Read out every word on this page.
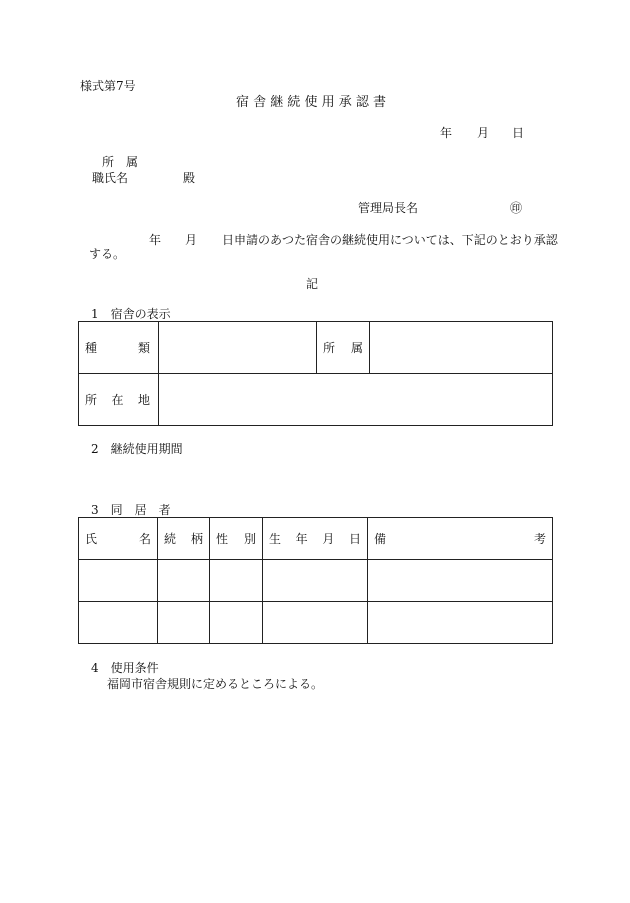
様式第7号
宿 舎 継 続 使 用 承 認 書
年 月 日
所　属
職氏名	殿
管理局長名	㊞
年 月 日申請のあつた宿舎の継続使用については、下記のとおり承認
する。
記
1　宿舎の表示
種 類		所 属	

所 在 地			

2　継続使用期間
3　同　居　者
氏 名	続 柄	性 別	生 年 月 日	備 考

4　使用条件
福岡市宿舎規則に定めるところによる。
